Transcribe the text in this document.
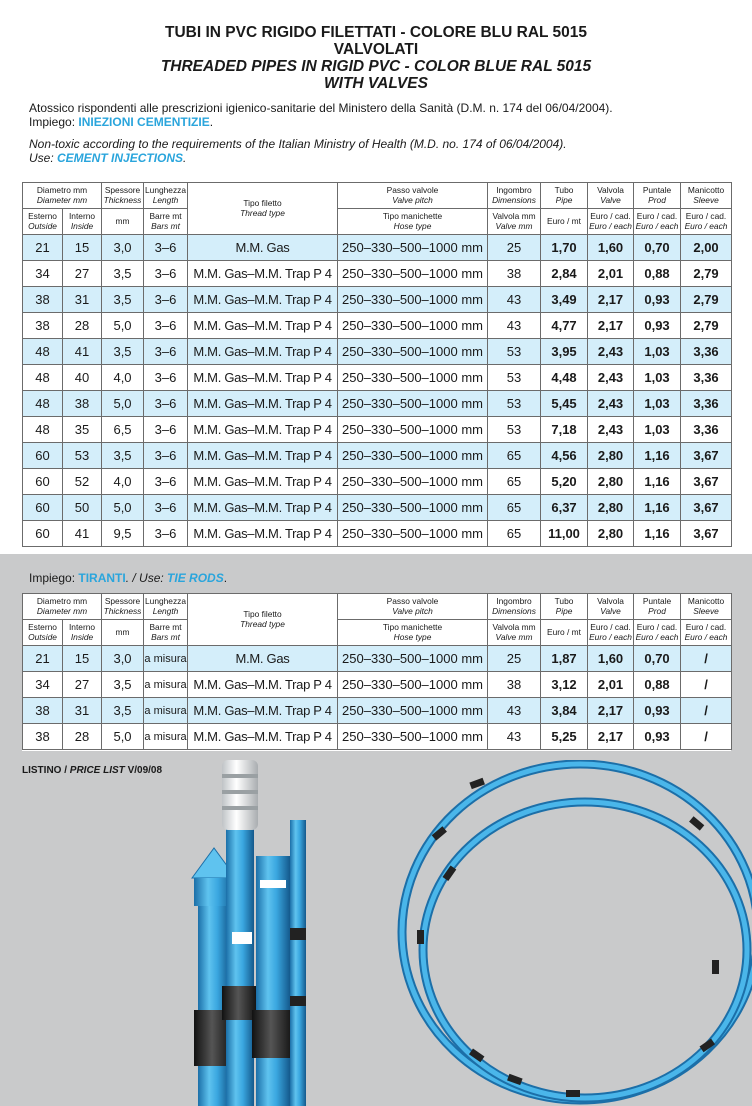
TUBI IN PVC RIGIDO FILETTATI - COLORE BLU RAL 5015
VALVOLATI
THREADED PIPES IN RIGID PVC - COLOR BLUE RAL 5015
WITH VALVES
Atossico rispondenti alle prescrizioni igienico-sanitarie del Ministero della Sanità (D.M. n. 174 del 06/04/2004).
Impiego: INIEZIONI CEMENTIZIE.
Non-toxic according to the requirements of the Italian Ministry of Health (M.D. no. 174 of 06/04/2004).
Use: CEMENT INJECTIONS.
Diametro mm
Diameter mm		Spessore
Thickness	Lunghezza
Length	Tipo filetto
Thread type	Passo valvole
Valve pitch	Ingombro
Dimensions	Tubo
Pipe	Valvola
Valve	Puntale
Prod	Manicotto
Sleeve

Esterno
Outside	Interno
Inside	mm	Barre mt
Bars mt		Tipo manichette
Hose type	Valvola mm
Valve mm	Euro / mt	Euro / cad.
Euro / each	Euro / cad.
Euro / each	Euro / cad.
Euro / each

21	15	3,0	3–6	M.M. Gas	250–330–500–1000 mm	25	1,70	1,60	0,70	2,00
34	27	3,5	3–6	M.M. Gas–M.M. Trap P 4	250–330–500–1000 mm	38	2,84	2,01	0,88	2,79
38	31	3,5	3–6	M.M. Gas–M.M. Trap P 4	250–330–500–1000 mm	43	3,49	2,17	0,93	2,79
38	28	5,0	3–6	M.M. Gas–M.M. Trap P 4	250–330–500–1000 mm	43	4,77	2,17	0,93	2,79
48	41	3,5	3–6	M.M. Gas–M.M. Trap P 4	250–330–500–1000 mm	53	3,95	2,43	1,03	3,36
48	40	4,0	3–6	M.M. Gas–M.M. Trap P 4	250–330–500–1000 mm	53	4,48	2,43	1,03	3,36
48	38	5,0	3–6	M.M. Gas–M.M. Trap P 4	250–330–500–1000 mm	53	5,45	2,43	1,03	3,36
48	35	6,5	3–6	M.M. Gas–M.M. Trap P 4	250–330–500–1000 mm	53	7,18	2,43	1,03	3,36
60	53	3,5	3–6	M.M. Gas–M.M. Trap P 4	250–330–500–1000 mm	65	4,56	2,80	1,16	3,67
60	52	4,0	3–6	M.M. Gas–M.M. Trap P 4	250–330–500–1000 mm	65	5,20	2,80	1,16	3,67
60	50	5,0	3–6	M.M. Gas–M.M. Trap P 4	250–330–500–1000 mm	65	6,37	2,80	1,16	3,67
60	41	9,5	3–6	M.M. Gas–M.M. Trap P 4	250–330–500–1000 mm	65	11,00	2,80	1,16	3,67
Impiego: TIRANTI. / Use: TIE RODS.
Diametro mm
Diameter mm		Spessore
Thickness	Lunghezza
Length	Tipo filetto
Thread type	Passo valvole
Valve pitch	Ingombro
Dimensions	Tubo
Pipe	Valvola
Valve	Puntale
Prod	Manicotto
Sleeve

Esterno
Outside	Interno
Inside	mm	Barre mt
Bars mt		Tipo manichette
Hose type	Valvola mm
Valve mm	Euro / mt	Euro / cad.
Euro / each	Euro / cad.
Euro / each	Euro / cad.
Euro / each

21	15	3,0	a misura	M.M. Gas	250–330–500–1000 mm	25	1,87	1,60	0,70	/
34	27	3,5	a misura	M.M. Gas–M.M. Trap P 4	250–330–500–1000 mm	38	3,12	2,01	0,88	/
38	31	3,5	a misura	M.M. Gas–M.M. Trap P 4	250–330–500–1000 mm	43	3,84	2,17	0,93	/
38	28	5,0	a misura	M.M. Gas–M.M. Trap P 4	250–330–500–1000 mm	43	5,25	2,17	0,93	/
LISTINO / PRICE LIST V/09/08
